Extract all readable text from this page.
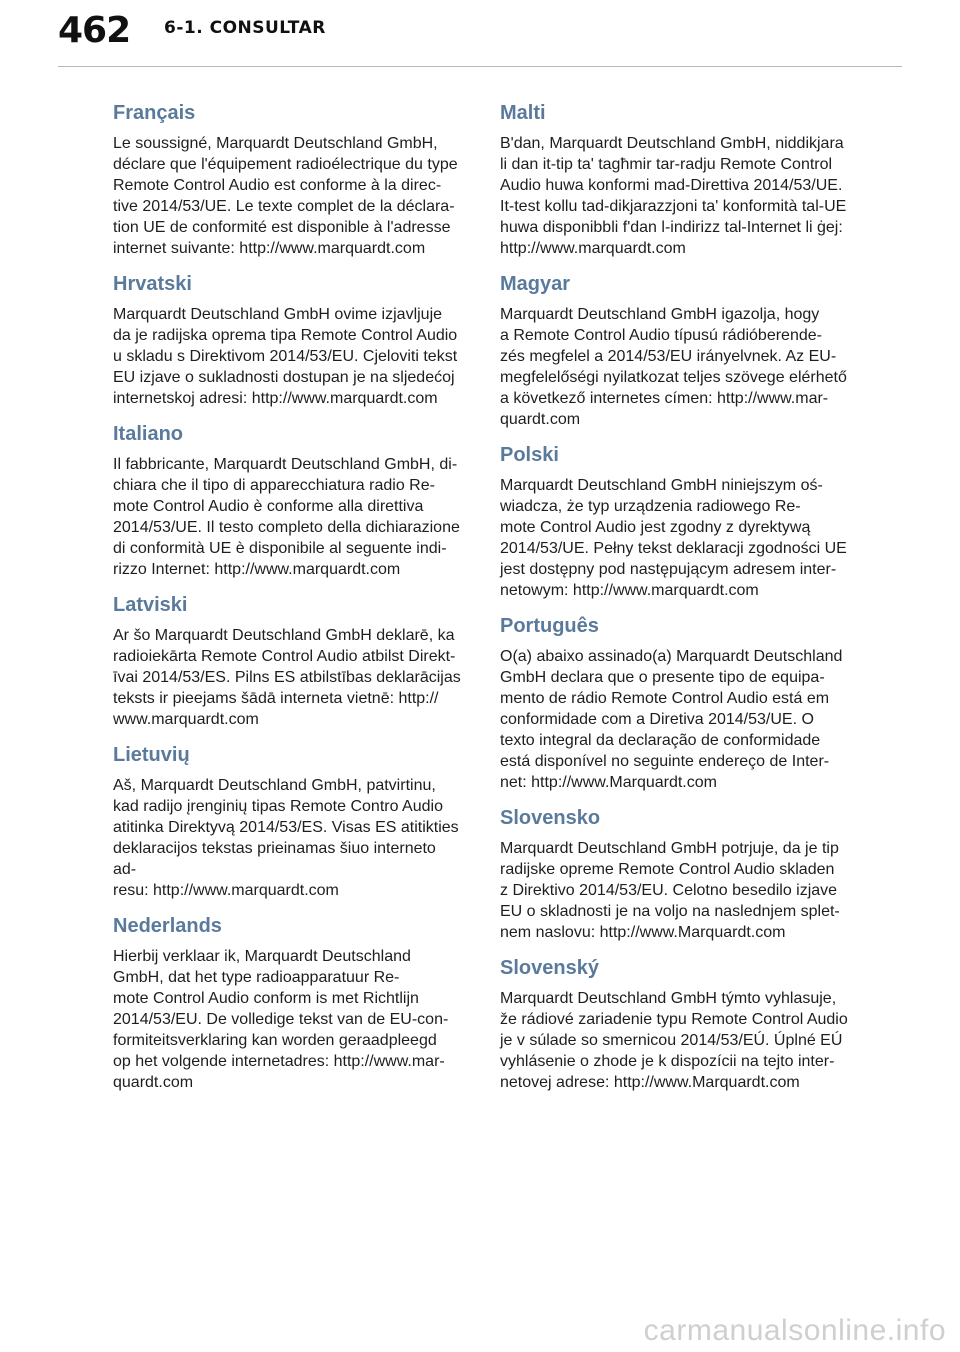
462 6-1. CONSULTAR
Français

Le soussigné, Marquardt Deutschland GmbH,
déclare que l'équipement radioélectrique du type
Remote Control Audio est conforme à la direc-
tive 2014/53/UE. Le texte complet de la déclara-
tion UE de conformité est disponible à l'adresse
internet suivante: http://www.marquardt.com

Hrvatski

Marquardt Deutschland GmbH ovime izjavljuje
da je radijska oprema tipa Remote Control Audio
u skladu s Direktivom 2014/53/EU. Cjeloviti tekst
EU izjave o sukladnosti dostupan je na sljedećoj
internetskoj adresi: http://www.marquardt.com

Italiano

Il fabbricante, Marquardt Deutschland GmbH, di-
chiara che il tipo di apparecchiatura radio Re-
mote Control Audio è conforme alla direttiva
2014/53/UE. Il testo completo della dichiarazione
di conformità UE è disponibile al seguente indi-
rizzo Internet: http://www.marquardt.com

Latviski

Ar šo Marquardt Deutschland GmbH deklarē, ka
radioiekārta Remote Control Audio atbilst Direkt-
īvai 2014/53/ES. Pilns ES atbilstības deklarācijas
teksts ir pieejams šādā interneta vietnē: http://
www.marquardt.com

Lietuvių

Aš, Marquardt Deutschland GmbH, patvirtinu,
kad radijo įrenginių tipas Remote Contro Audio
atitinka Direktyvą 2014/53/ES. Visas ES atitikties
deklaracijos tekstas prieinamas šiuo interneto ad-
resu: http://www.marquardt.com

Nederlands

Hierbij verklaar ik, Marquardt Deutschland
GmbH, dat het type radioapparatuur Re-
mote Control Audio conform is met Richtlijn
2014/53/EU. De volledige tekst van de EU-con-
formiteitsverklaring kan worden geraadpleegd
op het volgende internetadres: http://www.mar-
quardt.com

Malti

B'dan, Marquardt Deutschland GmbH, niddikjara
li dan it-tip ta' tagħmir tar-radju Remote Control
Audio huwa konformi mad-Direttiva 2014/53/UE.
It-test kollu tad-dikjarazzjoni ta' konformità tal-UE
huwa disponibbli f'dan l-indirizz tal-Internet li ġej:
http://www.marquardt.com

Magyar

Marquardt Deutschland GmbH igazolja, hogy
a Remote Control Audio típusú rádióberende-
zés megfelel a 2014/53/EU irányelvnek. Az EU-
megfelelőségi nyilatkozat teljes szövege elérhető
a következő internetes címen: http://www.mar-
quardt.com

Polski

Marquardt Deutschland GmbH niniejszym oś-
wiadcza, że typ urządzenia radiowego Re-
mote Control Audio jest zgodny z dyrektywą
2014/53/UE. Pełny tekst deklaracji zgodności UE
jest dostępny pod następującym adresem inter-
netowym: http://www.marquardt.com

Português

O(a) abaixo assinado(a) Marquardt Deutschland
GmbH declara que o presente tipo de equipa-
mento de rádio Remote Control Audio está em
conformidade com a Diretiva 2014/53/UE. O
texto integral da declaração de conformidade
está disponível no seguinte endereço de Inter-
net: http://www.Marquardt.com

Slovensko

Marquardt Deutschland GmbH potrjuje, da je tip
radijske opreme Remote Control Audio skladen
z Direktivo 2014/53/EU. Celotno besedilo izjave
EU o skladnosti je na voljo na naslednjem splet-
nem naslovu: http://www.Marquardt.com

Slovenský

Marquardt Deutschland GmbH týmto vyhlasuje,
že rádiové zariadenie typu Remote Control Audio
je v súlade so smernicou 2014/53/EÚ. Úplné EÚ
vyhlásenie o zhode je k dispozícii na tejto inter-
netovej adrese: http://www.Marquardt.com

carmanualsonline.info
